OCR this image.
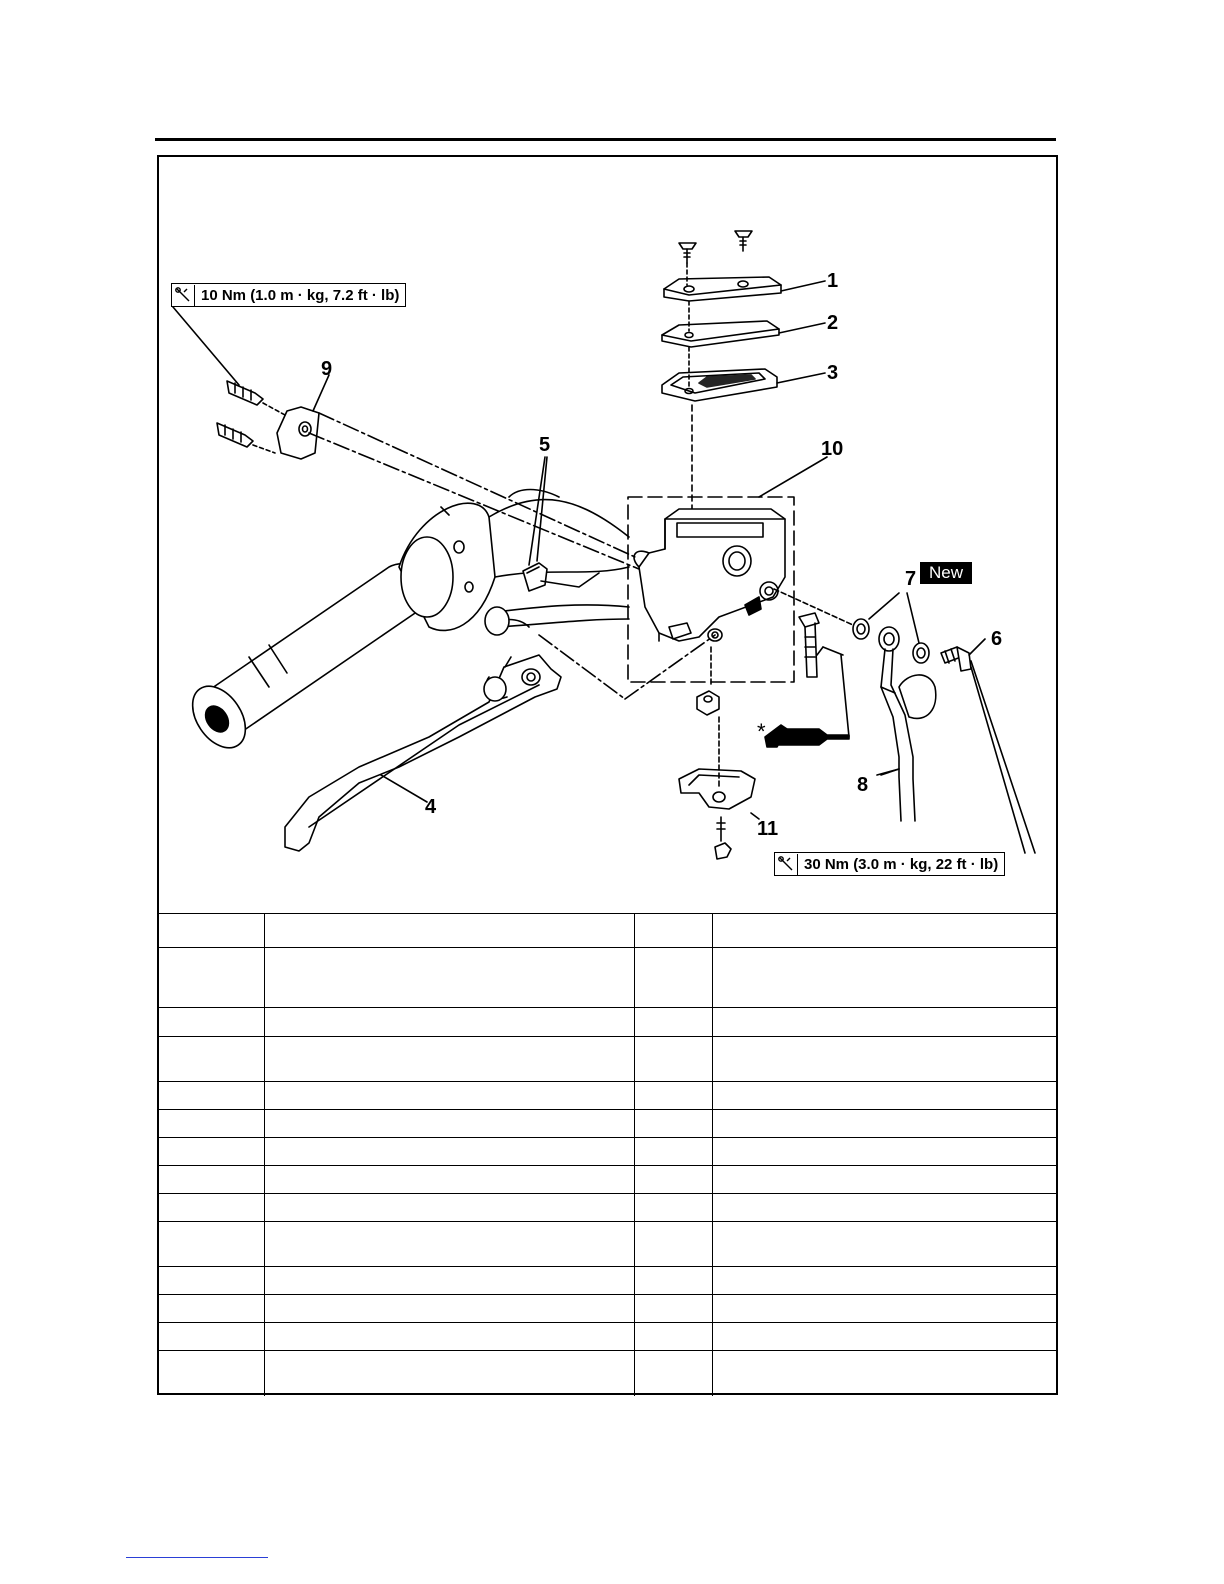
1
2
3
4
5
6
7
8
9
10
11
*
New
10 Nm (1.0 m · kg, 7.2 ft · lb)
30 Nm (3.0 m · kg, 22 ft · lb)
